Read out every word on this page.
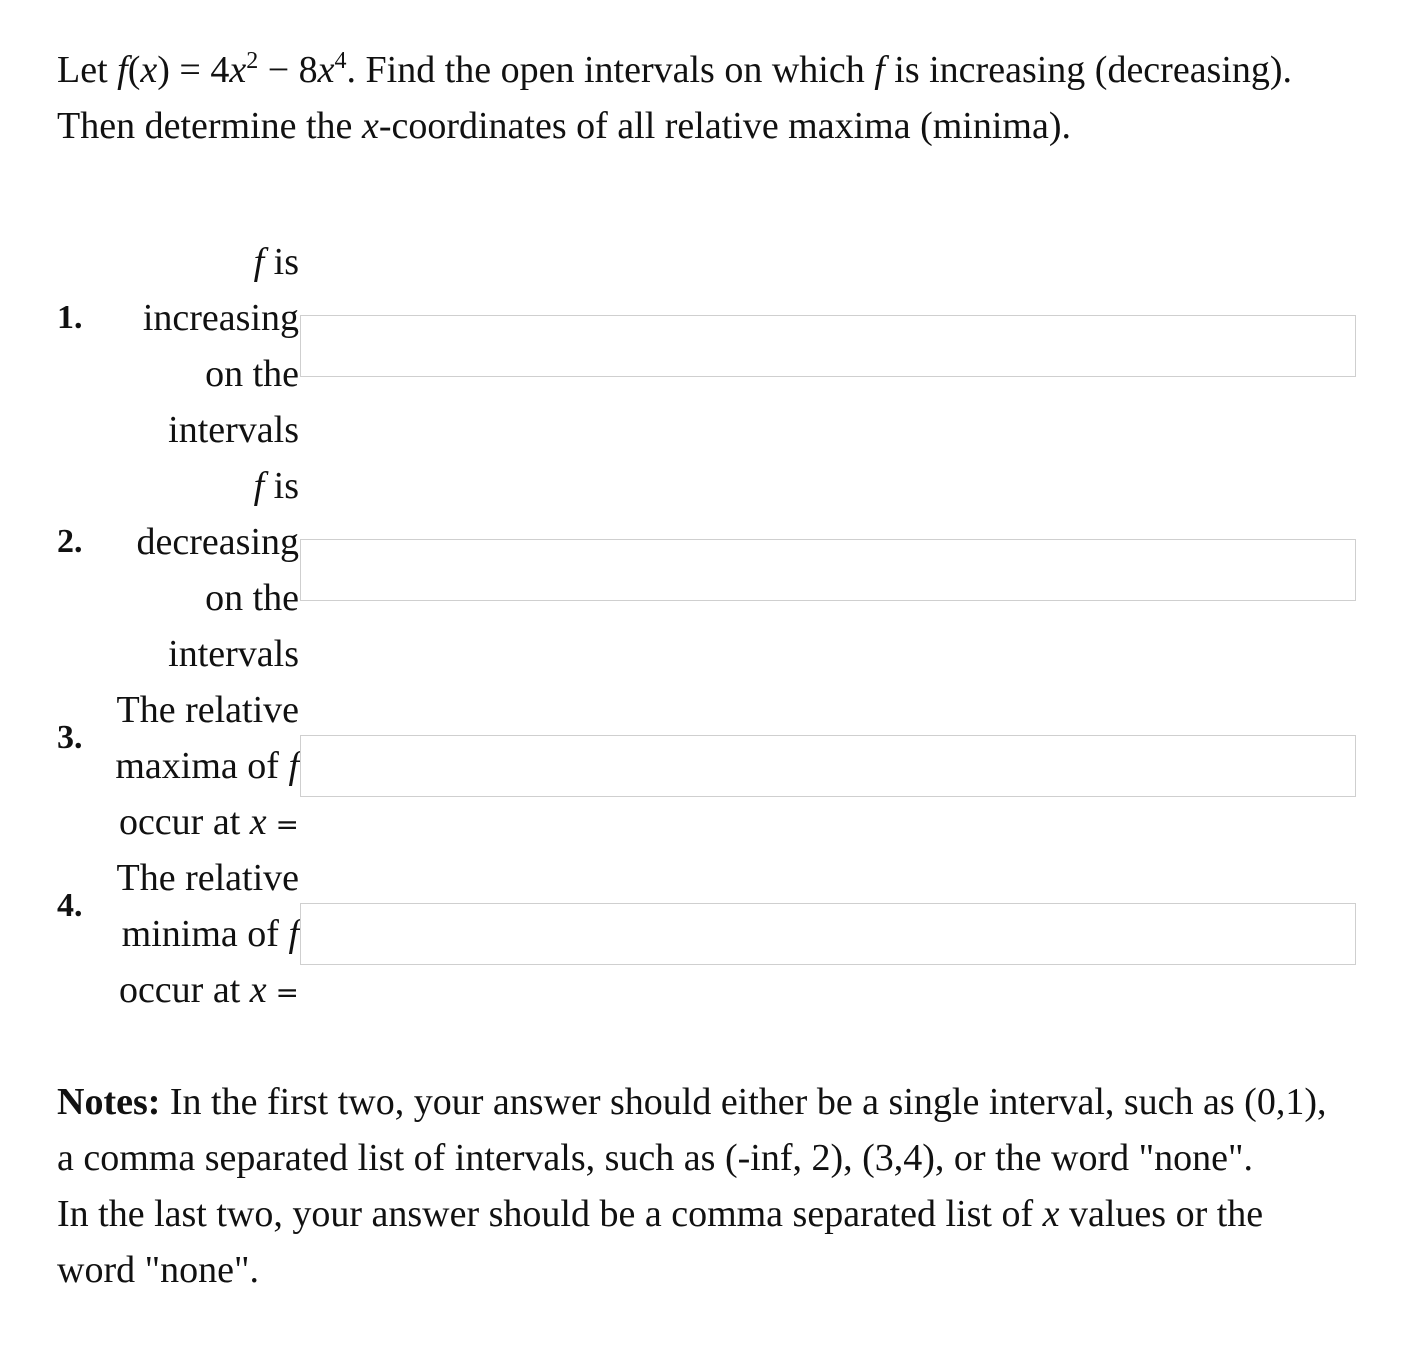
Let $f(x) = 4x^2 - 8x^4$. Find the open intervals on which f is increasing (decreasing). Then determine the x-coordinates of all relative maxima (minima).
1.
f is
increasing
on the
intervals
2.
f is
decreasing
on the
intervals
3.
The relative
maxima of f
occur at x =
4.
The relative
minima of f
occur at x =
Notes: In the first two, your answer should either be a single interval, such as (0,1), a comma separated list of intervals, such as (-inf, 2), (3,4), or the word "none".
In the last two, your answer should be a comma separated list of x values or the word "none".
